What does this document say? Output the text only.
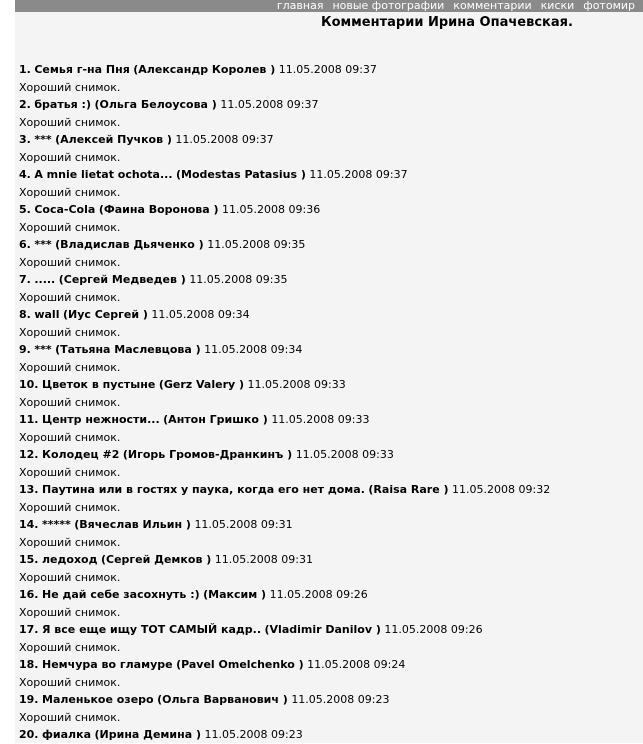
главная новые фотографии комментарии киски фотомир
Комментарии Ирина Опачевская.
1. Семья г-на Пня (Александр Королев ) 11.05.2008 09:37
Хороший снимок.
2. братья :) (Ольга Белоусова ) 11.05.2008 09:37
Хороший снимок.
3. *** (Алексей Пучков ) 11.05.2008 09:37
Хороший снимок.
4. A mnie lietat ochota... (Modestas Patasius ) 11.05.2008 09:37
Хороший снимок.
5. Coca-Cola (Фаина Воронова ) 11.05.2008 09:36
Хороший снимок.
6. *** (Владислав Дьяченко ) 11.05.2008 09:35
Хороший снимок.
7. ..... (Сергей Медведев ) 11.05.2008 09:35
Хороший снимок.
8. wall (Иус Сергей ) 11.05.2008 09:34
Хороший снимок.
9. *** (Татьяна Маслевцова ) 11.05.2008 09:34
Хороший снимок.
10. Цветок в пустыне (Gerz Valery ) 11.05.2008 09:33
Хороший снимок.
11. Центр нежности... (Антон Гришко ) 11.05.2008 09:33
Хороший снимок.
12. Колодец #2 (Игорь Громов-Дранкинъ ) 11.05.2008 09:33
Хороший снимок.
13. Паутина или в гостях у паука, когда его нет дома. (Raisa Rare ) 11.05.2008 09:32
Хороший снимок.
14. ***** (Вячеслав Ильин ) 11.05.2008 09:31
Хороший снимок.
15. ледоход (Сергей Демков ) 11.05.2008 09:31
Хороший снимок.
16. Не дай себе засохнуть :) (Максим ) 11.05.2008 09:26
Хороший снимок.
17. Я все еще ищу ТОТ САМЫЙ кадр.. (Vladimir Danilov ) 11.05.2008 09:26
Хороший снимок.
18. Немчура во гламуре (Pavel Omelchenko ) 11.05.2008 09:24
Хороший снимок.
19. Маленькое озеро (Ольга Варванович ) 11.05.2008 09:23
Хороший снимок.
20. фиалка (Ирина Демина ) 11.05.2008 09:23
